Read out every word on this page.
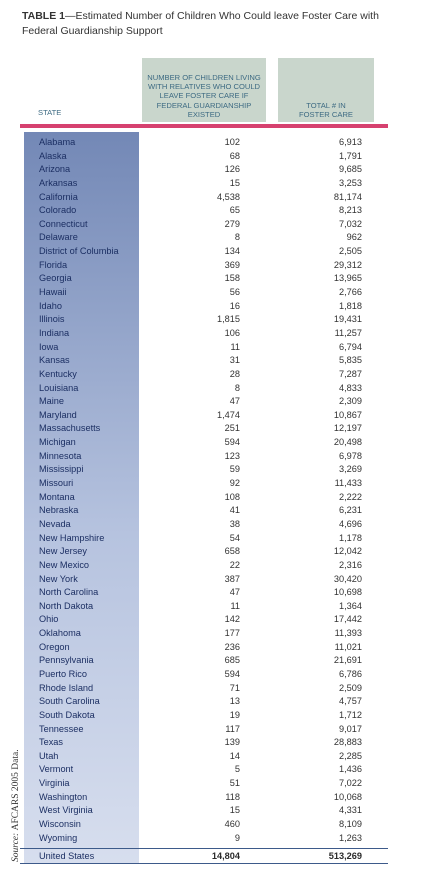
TABLE 1—Estimated Number of Children Who Could leave Foster Care with Federal Guardianship Support
NUMBER OF CHILDREN LIVING WITH RELATIVES WHO COULD LEAVE FOSTER CARE IF FEDERAL GUARDIANSHIP EXISTED
TOTAL # IN FOSTER CARE
STATE
Alabama	102	6,913
Alaska	68	1,791
Arizona	126	9,685
Arkansas	15	3,253
California	4,538	81,174
Colorado	65	8,213
Connecticut	279	7,032
Delaware	8	962
District of Columbia	134	2,505
Florida	369	29,312
Georgia	158	13,965
Hawaii	56	2,766
Idaho	16	1,818
Illinois	1,815	19,431
Indiana	106	11,257
Iowa	11	6,794
Kansas	31	5,835
Kentucky	28	7,287
Louisiana	8	4,833
Maine	47	2,309
Maryland	1,474	10,867
Massachusetts	251	12,197
Michigan	594	20,498
Minnesota	123	6,978
Mississippi	59	3,269
Missouri	92	11,433
Montana	108	2,222
Nebraska	41	6,231
Nevada	38	4,696
New Hampshire	54	1,178
New Jersey	658	12,042
New Mexico	22	2,316
New York	387	30,420
North Carolina	47	10,698
North Dakota	11	1,364
Ohio	142	17,442
Oklahoma	177	11,393
Oregon	236	11,021
Pennsylvania	685	21,691
Puerto Rico	594	6,786
Rhode Island	71	2,509
South Carolina	13	4,757
South Dakota	19	1,712
Tennessee	117	9,017
Texas	139	28,883
Utah	14	2,285
Vermont	5	1,436
Virginia	51	7,022
Washington	118	10,068
West Virginia	15	4,331
Wisconsin	460	8,109
Wyoming	9	1,263
United States	14,804	513,269
Source: AFCARS 2005 Data.
